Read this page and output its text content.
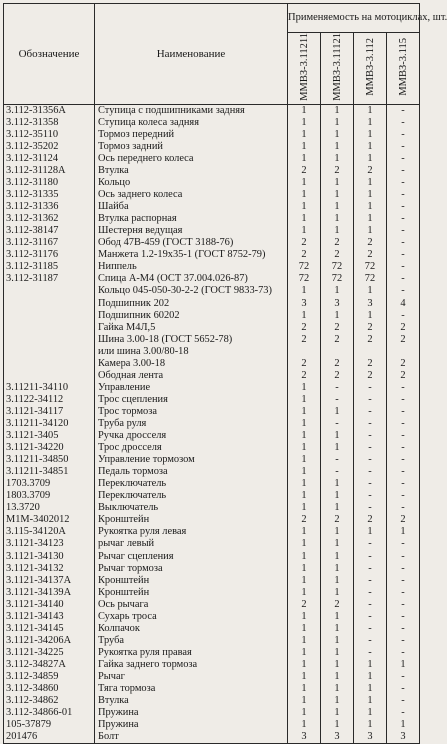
Обозначение	Наименование	Применяемость на мотоциклах, шт.			
		ММВЗ-3.11211	ММВЗ-3.11121	ММВЗ-3.112	ММВЗ-3.115
3.112-31356А	Ступица с подшипниками задняя	1	1	1	-
3.112-31358	Ступица колеса задняя	1	1	1	-
3.112-35110	Тормоз передний	1	1	1	-
3.112-35202	Тормоз задний	1	1	1	-
3.112-31124	Ось переднего колеса	1	1	1	-
3.112-31128А	Втулка	2	2	2	-
3.112-31180	Кольцо	1	1	1	-
3.112-31335	Ось заднего колеса	1	1	1	-
3.112-31336	Шайба	1	1	1	-
3.112-31362	Втулка распорная	1	1	1	-
3.112-38147	Шестерня ведущая	1	1	1	-
3.112-31167	Обод 47В-459 (ГОСТ 3188-76)	2	2	2	-
3.112-31176	Манжета 1.2-19х35-1 (ГОСТ 8752-79)	2	2	2	-
3.112-31185	Ниппель	72	72	72	-
3.112-31187	Спица А-М4 (ОСТ 37.004.026-87)	72	72	72	-
	Кольцо 045-050-30-2-2 (ГОСТ 9833-73)	1	1	1	-
	Подшипник 202	3	3	3	4
	Подшипник 60202	1	1	1	-
	Гайка М4Л,5	2	2	2	2
	Шина 3.00-18 (ГОСТ 5652-78)	2	2	2	2
	или шина 3.00/80-18				
	Камера 3.00-18	2	2	2	2
	Ободная лента	2	2	2	2
3.11211-34110	Управление	1	-	-	-
3.1122-34112	Трос сцепления	1	-	-	-
3.1121-34117	Трос тормоза	1	1	-	-
3.11211-34120	Труба руля	1	-	-	-
3.1121-3405	Ручка дросселя	1	1	-	-
3.1121-34220	Трос дросселя	1	1	-	-
3.11211-34850	Управление тормозом	1	-	-	-
3.11211-34851	Педаль тормоза	1	-	-	-
1703.3709	Переключатель	1	1	-	-
1803.3709	Переключатель	1	1	-	-
13.3720	Выключатель	1	1	-	-
М1М-3402012	Кронштейн	2	2	2	2
3.115-34120А	Рукоятка руля левая	1	1	1	1
3.1121-34123	рычаг левый	1	1	-	-
3.1121-34130	Рычаг сцепления	1	1	-	-
3.1121-34132	Рычаг тормоза	1	1	-	-
3.1121-34137А	Кронштейн	1	1	-	-
3.1121-34139А	Кронштейн	1	1	-	-
3.1121-34140	Ось рычага	2	2	-	-
3.1121-34143	Сухарь троса	1	1	-	-
3.1121-34145	Колпачок	1	1	-	-
3.1121-34206А	Труба	1	1	-	-
3.1121-34225	Рукоятка руля правая	1	1	-	-
3.112-34827А	Гайка заднего тормоза	1	1	1	1
3.112-34859	Рычаг	1	1	1	-
3.112-34860	Тяга тормоза	1	1	1	-
3.112-34862	Втулка	1	1	1	-
3.112-34866-01	Пружина	1	1	1	-
105-37879	Пружина	1	1	1	1
201476	Болт	3	3	3	3
